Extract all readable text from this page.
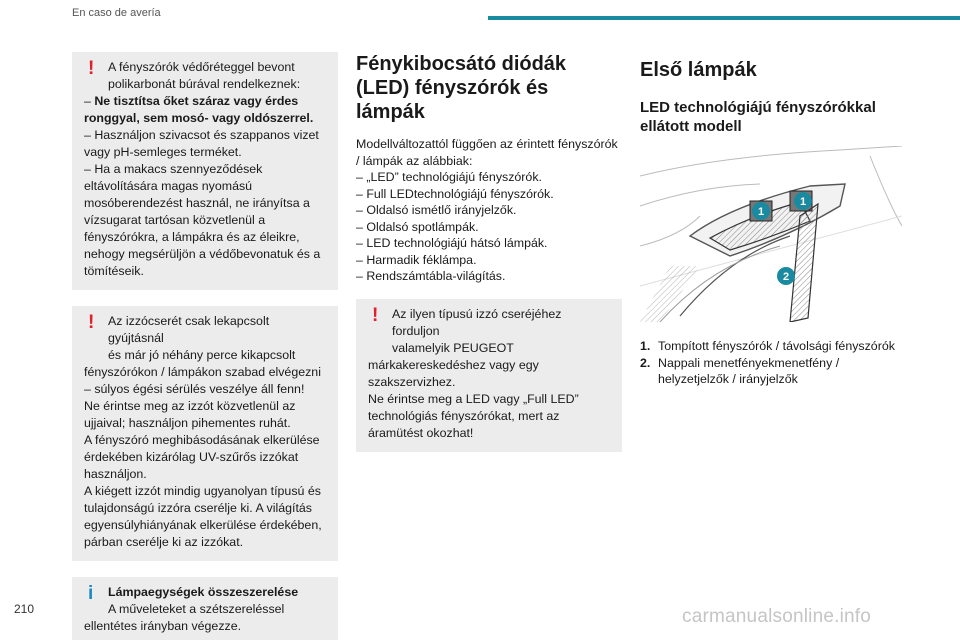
En caso de avería
!	A fényszórók védőréteggel bevont
polikarbonát búrával rendelkeznek:

– Ne tisztítsa őket száraz vagy érdes ronggyal, sem mosó- vagy oldószerrel.

– Használjon szivacsot és szappanos vizet vagy pH-semleges terméket.

– Ha a makacs szennyeződések eltávolítására magas nyomású mosóberendezést használ, ne irányítsa a vízsugarat tartósan közvetlenül a fényszórókra, a lámpákra és az éleikre, nehogy megsérüljön a védőbevonatuk és a tömítéseik.

!	Az izzócserét csak lekapcsolt gyújtásnál
és már jó néhány perce kikapcsolt

fényszórókon / lámpákon szabad elvégezni – súlyos égési sérülés veszélye áll fenn!

Ne érintse meg az izzót közvetlenül az ujjaival; használjon pihementes ruhát.

A fényszóró meghibásodásának elkerülése érdekében kizárólag UV-szűrős izzókat használjon.

A kiégett izzót mindig ugyanolyan típusú és tulajdonságú izzóra cserélje ki. A világítás egyensúlyhiányának elkerülése érdekében, párban cserélje ki az izzókat.

i	Lámpaegységek összeszerelése
A műveleteket a szétszereléssel

ellentétes irányban végezze.

Fénykibocsátó diódák (LED) fényszórók és lámpák

Modellváltozattól függően az érintett fényszórók / lámpák az alábbiak:

– „LED” technológiájú fényszórók.

– Full LEDtechnológiájú fényszórók.

– Oldalsó ismétlő irányjelzők.

– Oldalsó spotlámpák.

– LED technológiájú hátsó lámpák.

– Harmadik féklámpa.

– Rendszámtábla-világítás.

!	Az ilyen típusú izzó cseréjéhez forduljon
valamelyik PEUGEOT

márkakereskedéshez vagy egy szakszervizhez.

Ne érintse meg a LED vagy „Full LED” technológiás fényszórókat, mert az áramütést okozhat!

Első lámpák
LED technológiájú fényszórókkal ellátott modell
1
1
2
1. Tompított fényszórók / távolsági fényszórók
2. Nappali menetfényekmenetfény / helyzetjelzők / irányjelzők
210	carmanualsonline.info
